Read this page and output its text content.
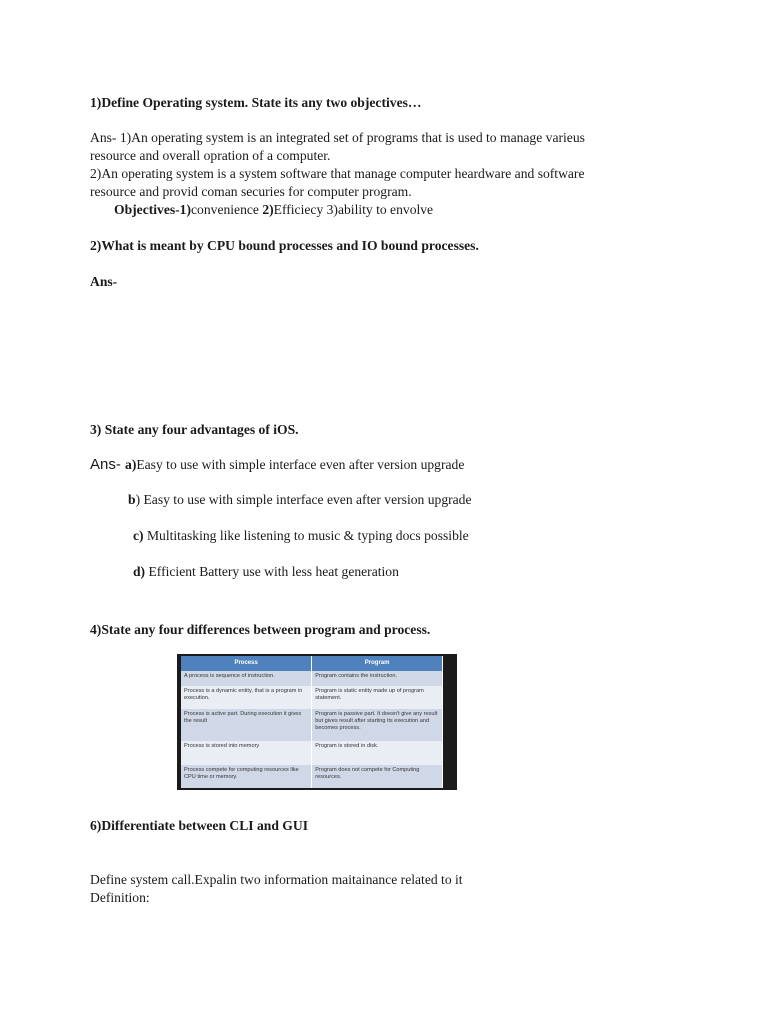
1)Define Operating system. State its any two objectives…
Ans- 1)An operating system is an integrated set of programs that is used to manage varieus
resource and overall opration of a computer.
2)An operating system is a system software that manage computer heardware and software
resource and provid coman securies for computer program.
Objectives-1)convenience 2)Efficiecy 3)ability to envolve
2)What is meant by CPU bound processes and IO bound processes.
Ans-
3) State any four advantages of iOS.
Ans- a)Easy to use with simple interface even after version upgrade
b) Easy to use with simple interface even after version upgrade
c) Multitasking like listening to music & typing docs possible
d) Efficient Battery use with less heat generation
4)State any four differences between program and process.
Process	Program
A process is sequence of instruction.	Program contains the instruction.
Process is a dynamic entity, that is a program in execution.	Program is static entity made up of program statement.
Process is active part. During execution it gives the result	Program is passive part. It doesn't give any result but gives result after starting its execution and becomes process.
Process is stored into memory	Program is stored in disk.
Process compete for computing resources like CPU time or memory.	Program does not compete for Computing resources.
6)Differentiate between CLI and GUI
Define system call.Expalin two information maitainance related to it
Definition:
